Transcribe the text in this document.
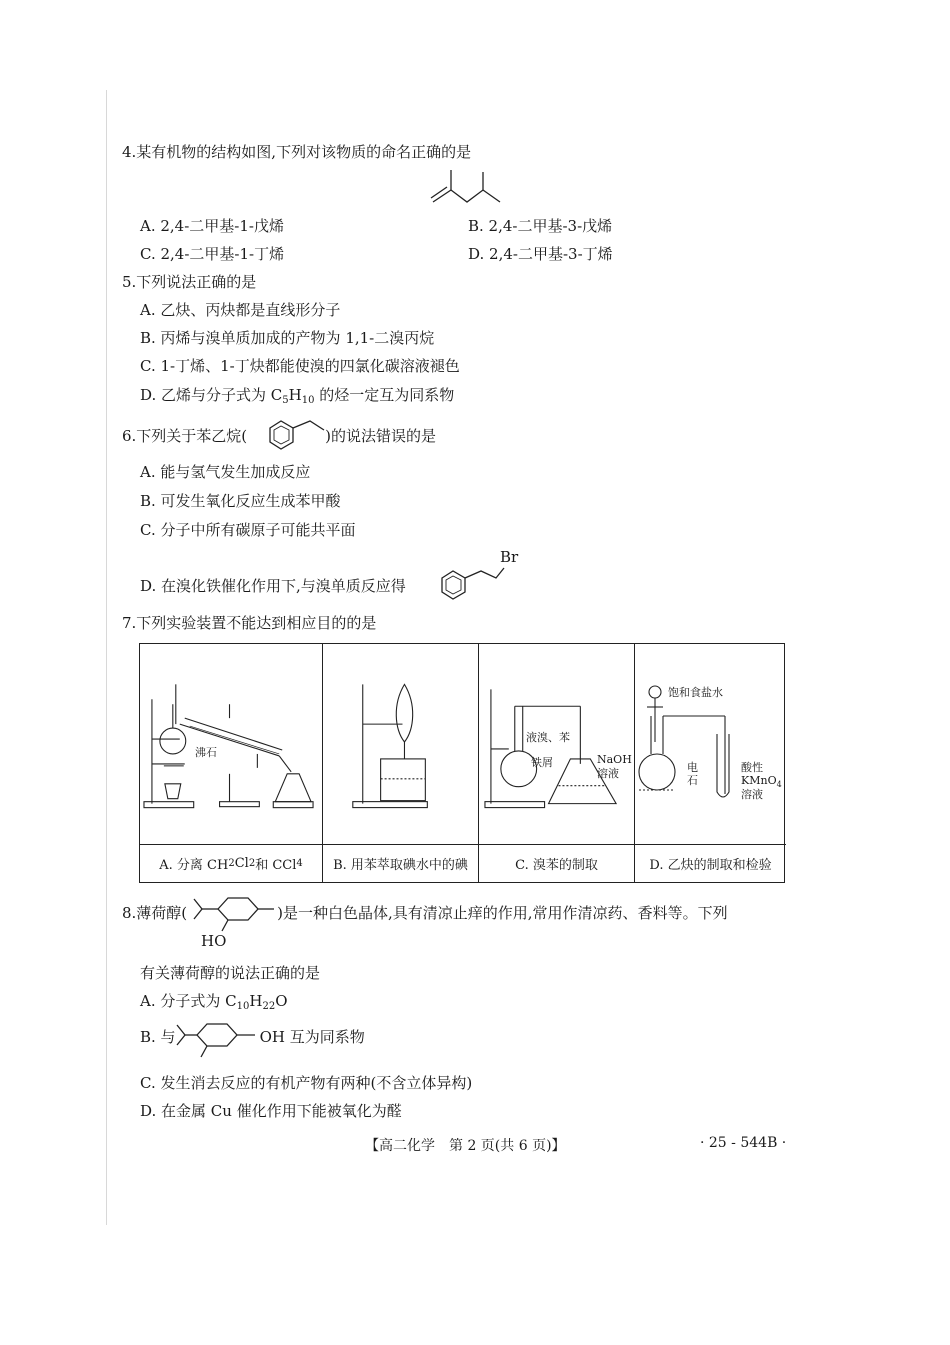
4.某有机物的结构如图,下列对该物质的命名正确的是
A. 2,4-二甲基-1-戊烯	B. 2,4-二甲基-3-戊烯
C. 2,4-二甲基-1-丁烯	D. 2,4-二甲基-3-丁烯
5.下列说法正确的是
A. 乙炔、丙炔都是直线形分子
B. 丙烯与溴单质加成的产物为 1,1-二溴丙烷
C. 1-丁烯、1-丁炔都能使溴的四氯化碳溶液褪色
D. 乙烯与分子式为 $C_5H_{10}$ 的烃一定互为同系物
6.下列关于苯乙烷(	)的说法错误的是
A. 能与氢气发生加成反应
B. 可发生氧化反应生成苯甲酸
C. 分子中所有碳原子可能共平面
D. 在溴化铁催化作用下,与溴单质反应得
Br
7.下列实验装置不能达到相应目的的是
沸石
液溴、苯
铁屑	NaOH
溶液
饱和食盐水
电
石
酸性
KMnO$_4$
溶液
A. 分离 CH 2 Cl 2 和 CCl 4	B. 用苯萃取碘水中的碘	C. 溴苯的制取	D. 乙炔的制取和检验
8.薄荷醇(	)是一种白色晶体,具有清凉止痒的作用,常用作清凉药、香料等。下列
HO
有关薄荷醇的说法正确的是
A. 分子式为 $C_{10}H_{22}O$
B. 与	OH 互为同系物
C. 发生消去反应的有机产物有两种(不含立体异构)
D. 在金属 Cu 催化作用下能被氧化为醛
【高二化学　第 2 页(共 6 页)】	· 25 - 544B ·
